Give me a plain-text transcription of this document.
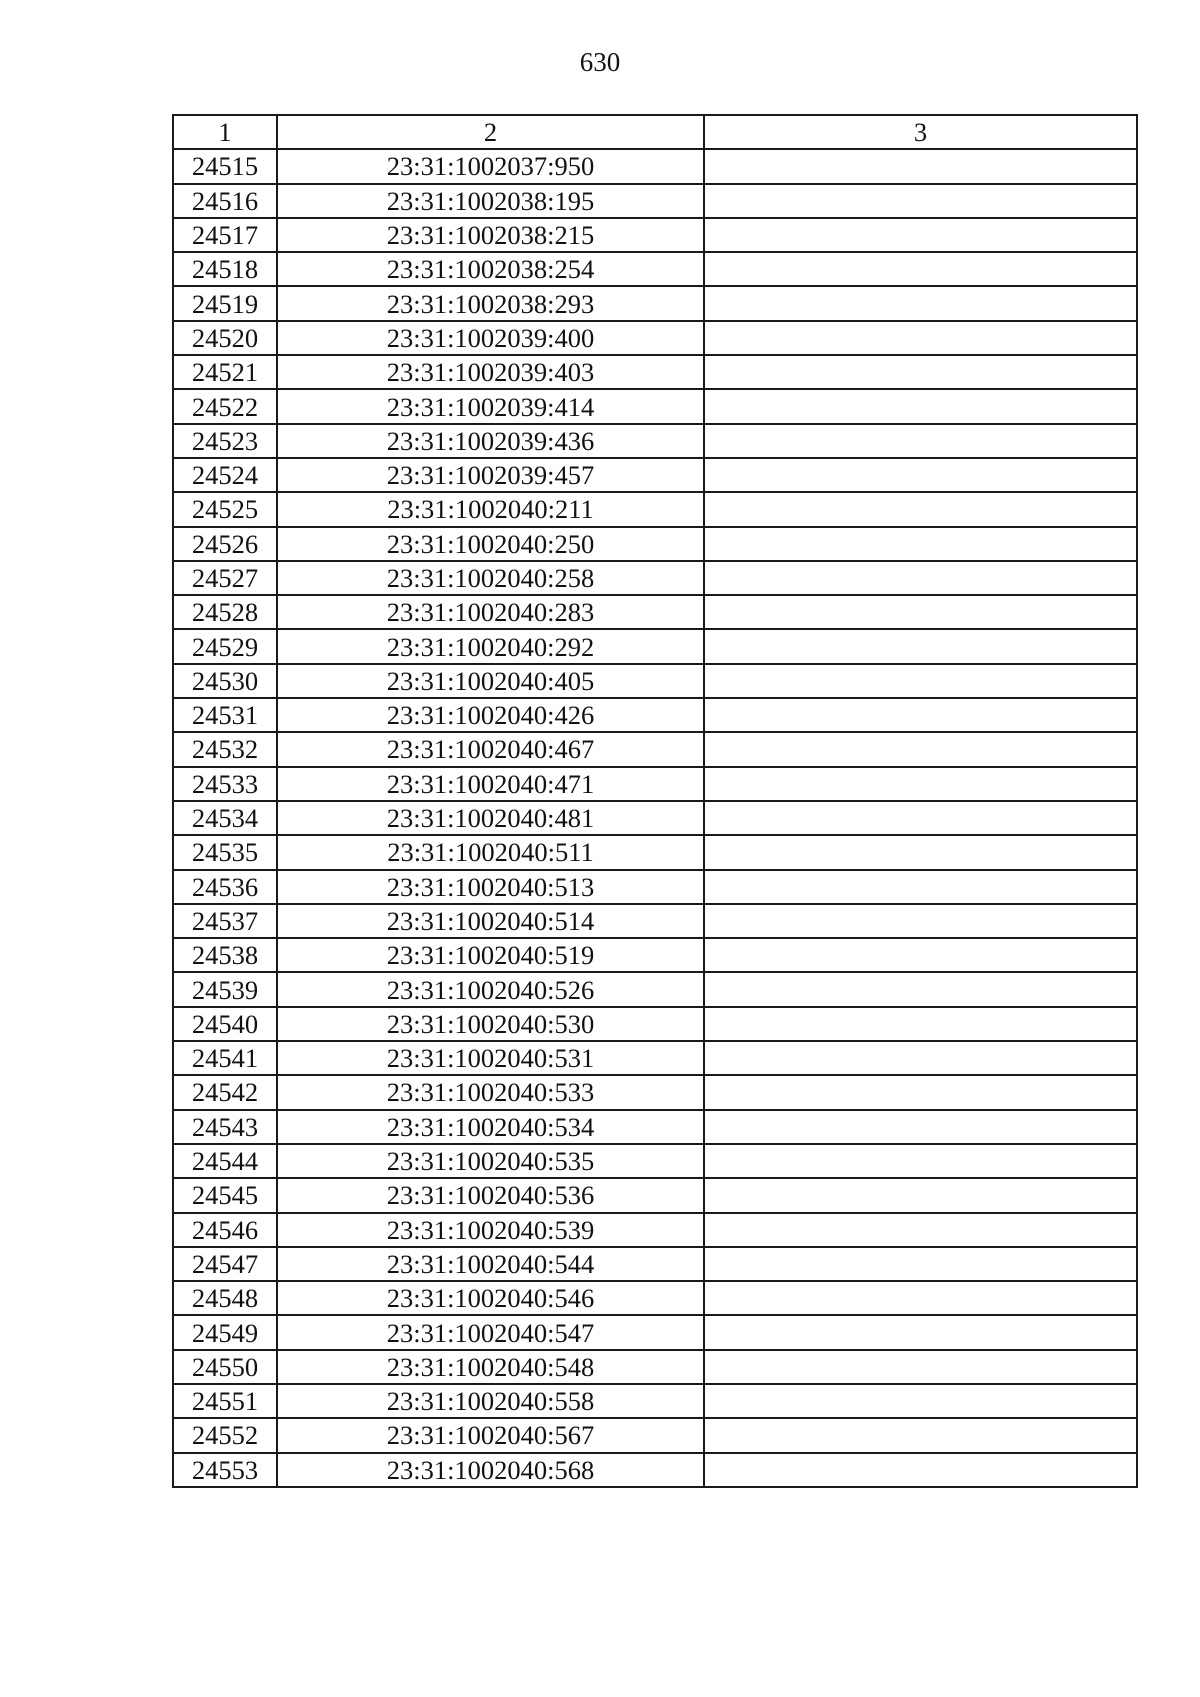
630
1	2	3
24515	23:31:1002037:950	
24516	23:31:1002038:195	
24517	23:31:1002038:215	
24518	23:31:1002038:254	
24519	23:31:1002038:293	
24520	23:31:1002039:400	
24521	23:31:1002039:403	
24522	23:31:1002039:414	
24523	23:31:1002039:436	
24524	23:31:1002039:457	
24525	23:31:1002040:211	
24526	23:31:1002040:250	
24527	23:31:1002040:258	
24528	23:31:1002040:283	
24529	23:31:1002040:292	
24530	23:31:1002040:405	
24531	23:31:1002040:426	
24532	23:31:1002040:467	
24533	23:31:1002040:471	
24534	23:31:1002040:481	
24535	23:31:1002040:511	
24536	23:31:1002040:513	
24537	23:31:1002040:514	
24538	23:31:1002040:519	
24539	23:31:1002040:526	
24540	23:31:1002040:530	
24541	23:31:1002040:531	
24542	23:31:1002040:533	
24543	23:31:1002040:534	
24544	23:31:1002040:535	
24545	23:31:1002040:536	
24546	23:31:1002040:539	
24547	23:31:1002040:544	
24548	23:31:1002040:546	
24549	23:31:1002040:547	
24550	23:31:1002040:548	
24551	23:31:1002040:558	
24552	23:31:1002040:567	
24553	23:31:1002040:568	
